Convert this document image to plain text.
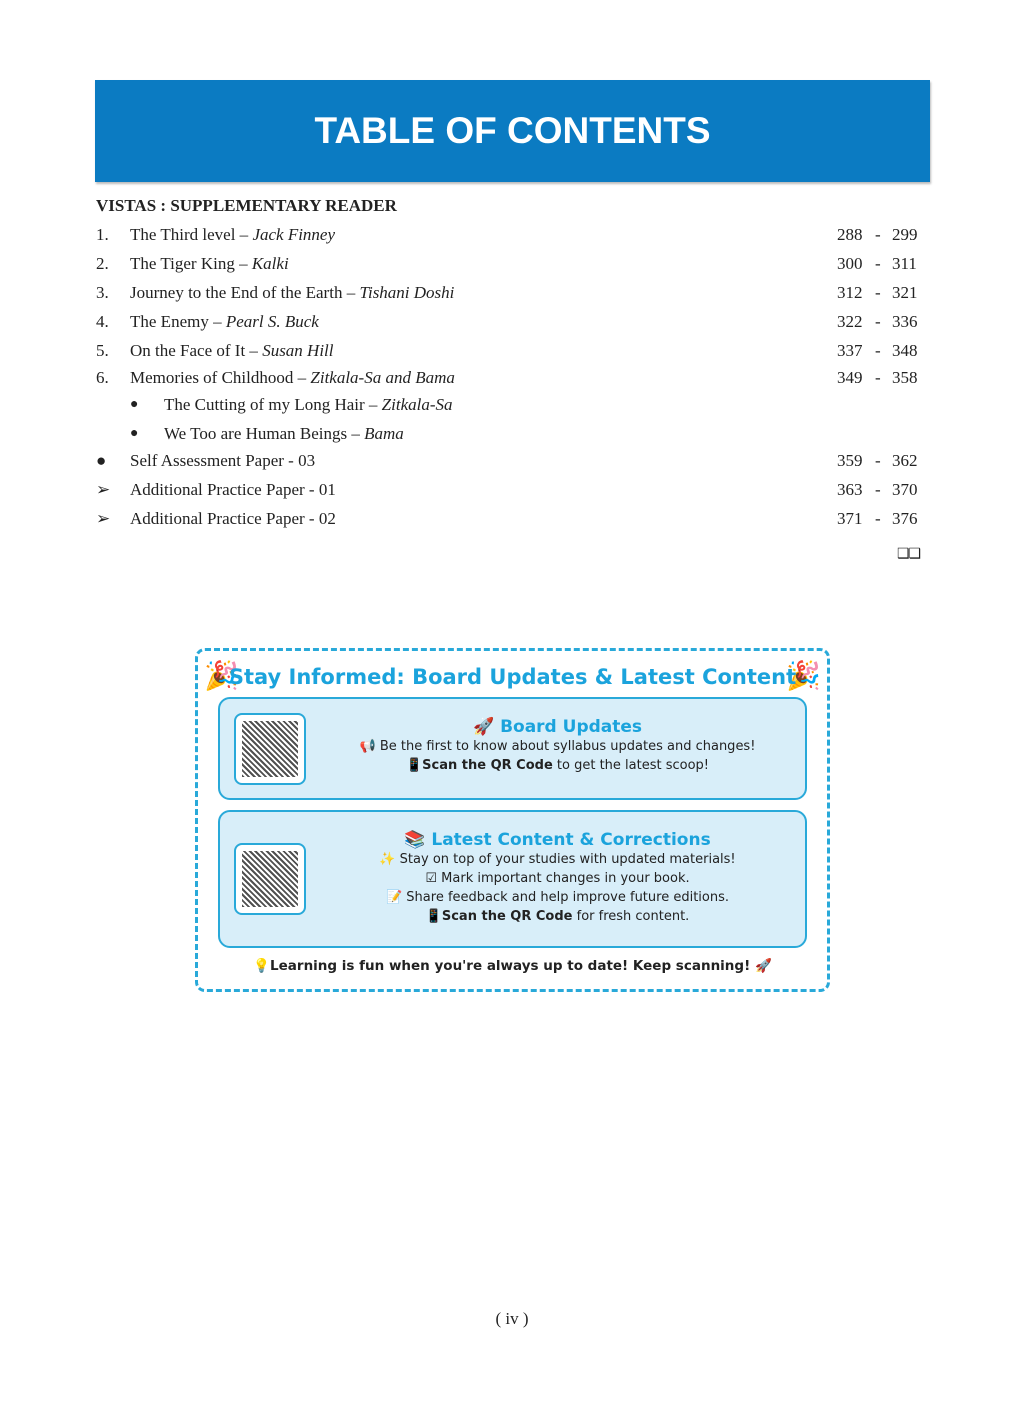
TABLE OF CONTENTS
VISTAS : SUPPLEMENTARY READER
1. The Third level – Jack Finney	288 - 299
2. The Tiger King – Kalki	300 - 311
3. Journey to the End of the Earth – Tishani Doshi	312 - 321
4. The Enemy – Pearl S. Buck	322 - 336
5. On the Face of It – Susan Hill	337 - 348
6. Memories of Childhood – Zitkala-Sa and Bama	349 - 358
● The Cutting of my Long Hair – Zitkala-Sa
● We Too are Human Beings – Bama
● Self Assessment Paper - 03	359 - 362
➢ Additional Practice Paper - 01	363 - 370
➢ Additional Practice Paper - 02	371 - 376
❑❑
🎉	🎉
Stay Informed: Board Updates & Latest Content
🚀 Board Updates
📢 Be the first to know about syllabus updates and changes!
📱Scan the QR Code to get the latest scoop!
📚 Latest Content & Corrections
✨ Stay on top of your studies with updated materials!
☑ Mark important changes in your book.
📝 Share feedback and help improve future editions.
📱Scan the QR Code for fresh content.
💡Learning is fun when you're always up to date! Keep scanning! 🚀
( iv )
